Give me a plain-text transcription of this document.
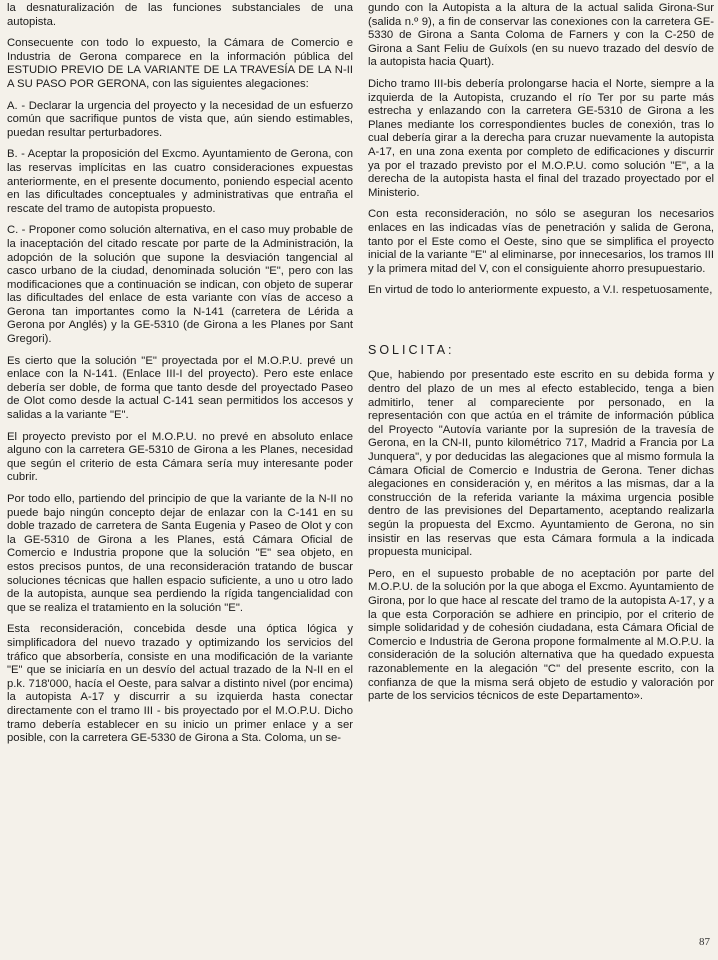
la desnaturalización de las funciones substanciales de una autopista.

Consecuente con todo lo expuesto, la Cámara de Comercio e Industria de Gerona comparece en la información pública del ESTUDIO PREVIO DE LA VARIANTE DE LA TRAVESÍA DE LA N-II A SU PASO POR GERONA, con las siguientes alegaciones:

A. - Declarar la urgencia del proyecto y la necesidad de un esfuerzo común que sacrifique puntos de vista que, aún siendo estimables, puedan resultar perturbadores.

B. - Aceptar la proposición del Excmo. Ayuntamiento de Gerona, con las reservas implícitas en las cuatro consideraciones expuestas anteriormente, en el presente documento, poniendo especial acento en las dificultades conceptuales y administrativas que entraña el rescate del tramo de autopista propuesto.

C. - Proponer como solución alternativa, en el caso muy probable de la inaceptación del citado rescate por parte de la Administración, la adopción de la solución que supone la desviación tangencial al casco urbano de la ciudad, denominada solución "E", pero con las modificaciones que a continuación se indican, con objeto de superar las dificultades del enlace de esta variante con vías de acceso a Gerona tan importantes como la N-141 (carretera de Lérida a Gerona por Anglés) y la GE-5310 (de Girona a les Planes por Sant Gregori).

Es cierto que la solución "E" proyectada por el M.O.P.U. prevé un enlace con la N-141. (Enlace III-I del proyecto). Pero este enlace debería ser doble, de forma que tanto desde del proyectado Paseo de Olot como desde la actual C-141 sean permitidos los accesos y salidas a la variante "E".

El proyecto previsto por el M.O.P.U. no prevé en absoluto enlace alguno con la carretera GE-5310 de Girona a les Planes, necesidad que según el criterio de esta Cámara sería muy interesante poder cubrir.

Por todo ello, partiendo del principio de que la variante de la N-II no puede bajo ningún concepto dejar de enlazar con la C-141 en su doble trazado de carretera de Santa Eugenia y Paseo de Olot y con la GE-5310 de Girona a les Planes, está Cámara Oficial de Comercio e Industria propone que la solución "E" sea objeto, en estos precisos puntos, de una reconsideración tratando de buscar soluciones técnicas que hallen espacio suficiente, a uno u otro lado de la autopista, aunque sea perdiendo la rígida tangencialidad con que se realiza el tratamiento en la solución "E".

Esta reconsideración, concebida desde una óptica lógica y simplificadora del nuevo trazado y optimizando los servicios del tráfico que absorbería, consiste en una modificación de la variante "E" que se iniciaría en un desvío del actual trazado de la N-II en el p.k. 718'000, hacía el Oeste, para salvar a distinto nivel (por encima) la autopista A-17 y discurrir a su izquierda hasta conectar directamente con el tramo III - bis proyectado por el M.O.P.U. Dicho tramo debería establecer en su inicio un primer enlace y a ser posible, con la carretera GE-5330 de Girona a Sta. Coloma, un se-

gundo con la Autopista a la altura de la actual salida Girona-Sur (salida n.º 9), a fin de conservar las conexiones con la carretera GE-5330 de Girona a Santa Coloma de Farners y con la C-250 de Girona a Sant Feliu de Guíxols (en su nuevo trazado del desvío de la autopista hacia Quart).

Dicho tramo III-bis debería prolongarse hacia el Norte, siempre a la izquierda de la Autopista, cruzando el río Ter por su parte más estrecha y enlazando con la carretera GE-5310 de Girona a les Planes mediante los correspondientes bucles de conexión, tras lo cual debería girar a la derecha para cruzar nuevamente la autopista A-17, en una zona exenta por completo de edificaciones y discurrir ya por el trazado previsto por el M.O.P.U. como solución "E", a la derecha de la autopista hasta el final del trazado proyectado por el Ministerio.

Con esta reconsideración, no sólo se aseguran los necesarios enlaces en las indicadas vías de penetración y salida de Gerona, tanto por el Este como el Oeste, sino que se simplifica el proyecto inicial de la variante "E" al eliminarse, por innecesarios, los tramos III y la primera mitad del V, con el consiguiente ahorro presupuestario.

En virtud de todo lo anteriormente expuesto, a V.I. respetuosamente,

SOLICITA:

Que, habiendo por presentado este escrito en su debida forma y dentro del plazo de un mes al efecto establecido, tenga a bien admitirlo, tener al compareciente por personado, en la representación con que actúa en el trámite de información pública del Proyecto "Autovía variante por la supresión de la travesía de Gerona, en la CN-II, punto kilométrico 717, Madrid a Francia por La Junquera", y por deducidas las alegaciones que al mismo formula la Cámara Oficial de Comercio e Industria de Gerona. Tener dichas alegaciones en consideración y, en méritos a las mismas, dar a la construcción de la referida variante la máxima urgencia posible dentro de las previsiones del Departamento, aceptando realizarla según la propuesta del Excmo. Ayuntamiento de Gerona, no sin insistir en las reservas que esta Cámara formula a la indicada propuesta municipal.

Pero, en el supuesto probable de no aceptación por parte del M.O.P.U. de la solución por la que aboga el Excmo. Ayuntamiento de Girona, por lo que hace al rescate del tramo de la autopista A-17, y a la que esta Corporación se adhiere en principio, por el criterio de simple solidaridad y de cohesión ciudadana, esta Cámara Oficial de Comercio e Industria de Gerona propone formalmente al M.O.P.U. la consideración de la solución alternativa que ha quedado expuesta razonablemente en la alegación "C" del presente escrito, con la confianza de que la misma será objeto de estudio y valoración por parte de los servicios técnicos de este Departamento».

87
